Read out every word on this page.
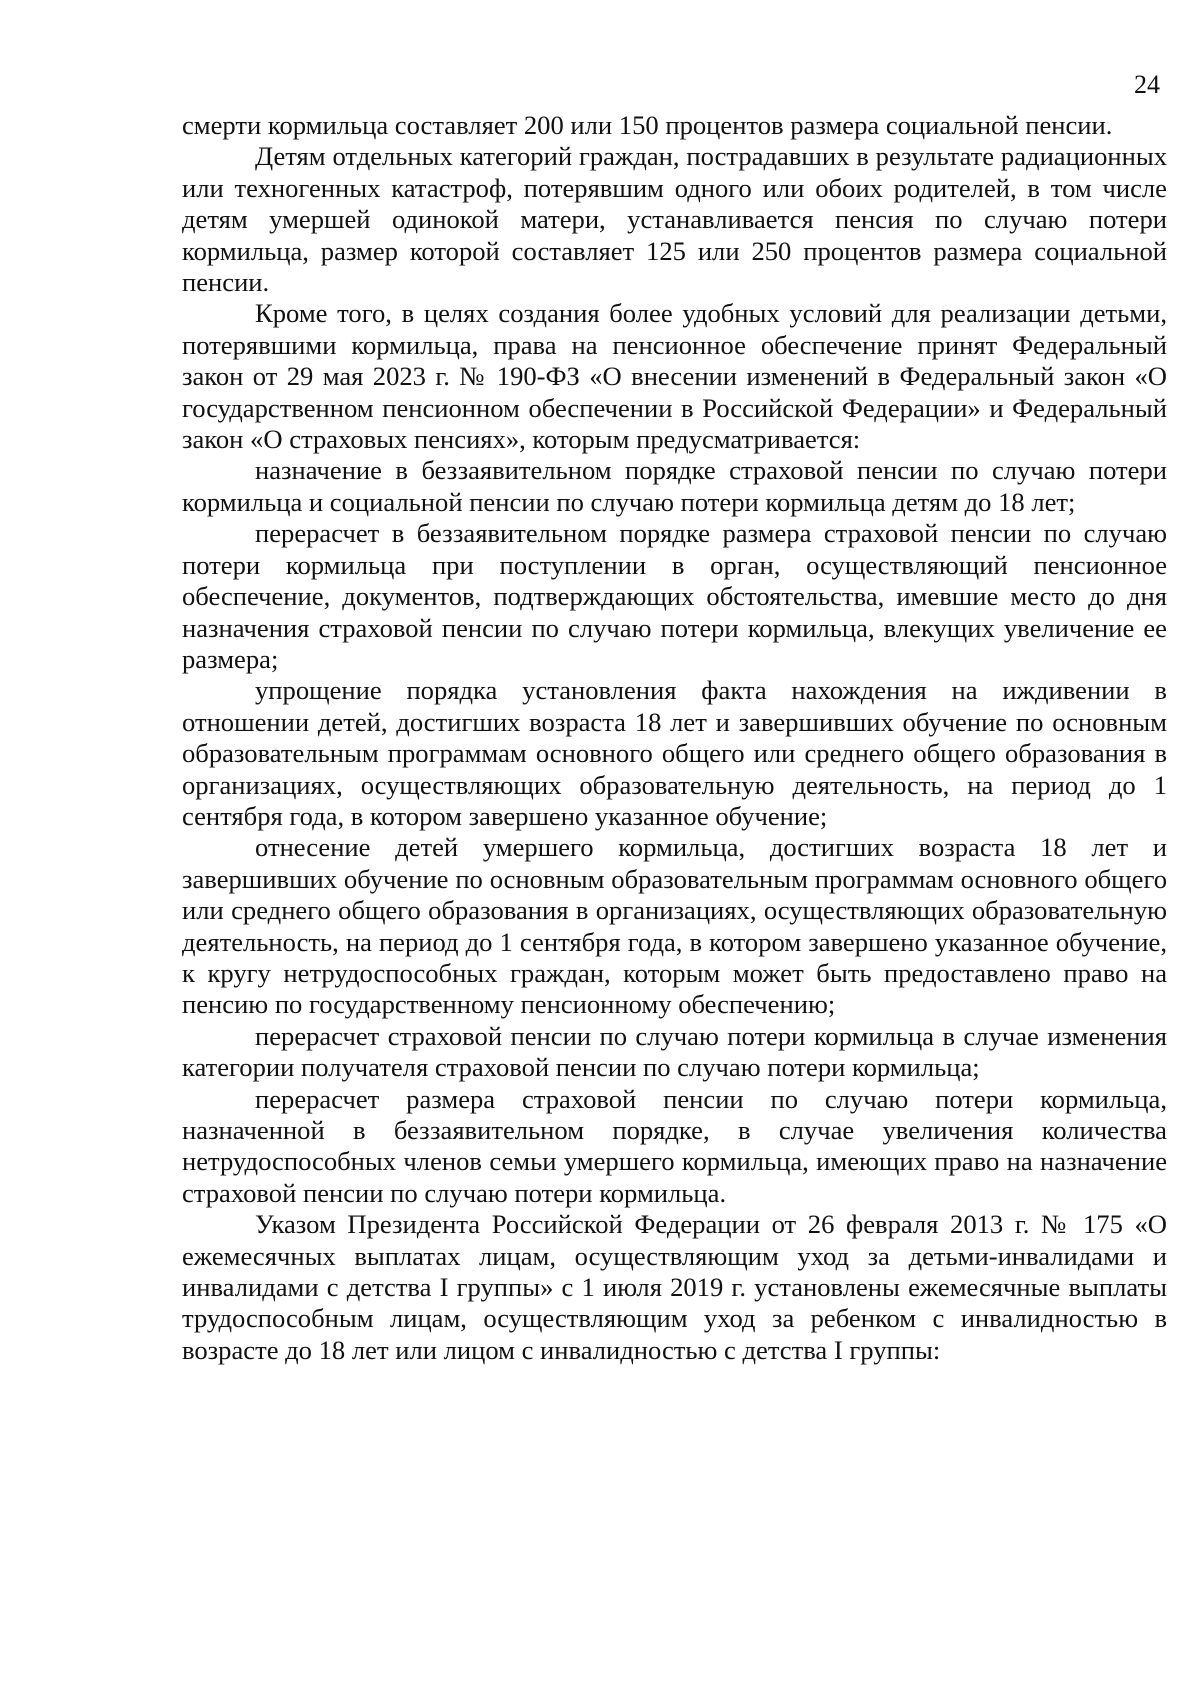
24

смерти кормильца составляет 200 или 150 процентов размера социальной пенсии.

Детям отдельных категорий граждан, пострадавших в результате радиационных или техногенных катастроф, потерявшим одного или обоих родителей, в том числе детям умершей одинокой матери, устанавливается пенсия по случаю потери кормильца, размер которой составляет 125 или 250 процентов размера социальной пенсии.

Кроме того, в целях создания более удобных условий для реализации детьми, потерявшими кормильца, права на пенсионное обеспечение принят Федеральный закон от 29 мая 2023 г. № 190-ФЗ «О внесении изменений в Федеральный закон «О государственном пенсионном обеспечении в Российской Федерации» и Федеральный закон «О страховых пенсиях», которым предусматривается:

назначение в беззаявительном порядке страховой пенсии по случаю потери кормильца и социальной пенсии по случаю потери кормильца детям до 18 лет;

перерасчет в беззаявительном порядке размера страховой пенсии по случаю потери кормильца при поступлении в орган, осуществляющий пенсионное обеспечение, документов, подтверждающих обстоятельства, имевшие место до дня назначения страховой пенсии по случаю потери кормильца, влекущих увеличение ее размера;

упрощение порядка установления факта нахождения на иждивении в отношении детей, достигших возраста 18 лет и завершивших обучение по основным образовательным программам основного общего или среднего общего образования в организациях, осуществляющих образовательную деятельность, на период до 1 сентября года, в котором завершено указанное обучение;

отнесение детей умершего кормильца, достигших возраста 18 лет и завершивших обучение по основным образовательным программам основного общего или среднего общего образования в организациях, осуществляющих образовательную деятельность, на период до 1 сентября года, в котором завершено указанное обучение, к кругу нетрудоспособных граждан, которым может быть предоставлено право на пенсию по государственному пенсионному обеспечению;

перерасчет страховой пенсии по случаю потери кормильца в случае изменения категории получателя страховой пенсии по случаю потери кормильца;

перерасчет размера страховой пенсии по случаю потери кормильца, назначенной в беззаявительном порядке, в случае увеличения количества нетрудоспособных членов семьи умершего кормильца, имеющих право на назначение страховой пенсии по случаю потери кормильца.

Указом Президента Российской Федерации от 26 февраля 2013 г. № 175 «О ежемесячных выплатах лицам, осуществляющим уход за детьми-инвалидами и инвалидами с детства I группы» с 1 июля 2019 г. установлены ежемесячные выплаты трудоспособным лицам, осуществляющим уход за ребенком с инвалидностью в возрасте до 18 лет или лицом с инвалидностью с детства I группы:
